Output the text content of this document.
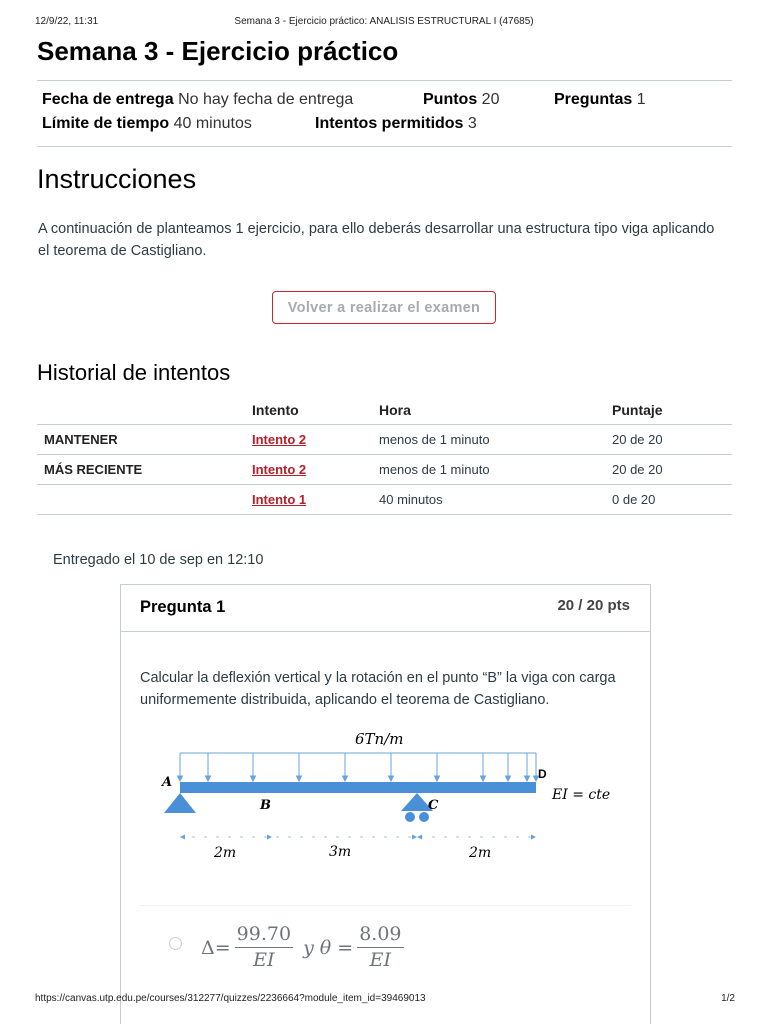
12/9/22, 11:31	Semana 3 - Ejercicio práctico: ANALISIS ESTRUCTURAL I (47685)
Semana 3 - Ejercicio práctico
Fecha de entrega No hay fecha de entrega	Puntos 20	Preguntas 1
Límite de tiempo 40 minutos	Intentos permitidos 3
Instrucciones

A continuación de planteamos 1 ejercicio, para ello deberás desarrollar una estructura tipo viga aplicando el teorema de Castigliano.

Volver a realizar el examen
Historial de intentos
	Intento	Hora	Puntaje
MANTENER	Intento 2	menos de 1 minuto	20 de 20
MÁS RECIENTE	Intento 2	menos de 1 minuto	20 de 20
	Intento 1	40 minutos	0 de 20
Entregado el 10 de sep en 12:10
Pregunta 1	20 / 20 pts

Calcular la deflexión vertical y la rotación en el punto “B” la viga con carga uniformemente distribuida, aplicando el teorema de Castigliano.

6Tn/m
A
B	C
D
EI = cte
2m	3m	2m
$\Delta= \frac{99.70}{EI}$ y $\theta = \frac{8.09}{EI}$
https://canvas.utp.edu.pe/courses/312277/quizzes/2236664?module_item_id=39469013	1/2
